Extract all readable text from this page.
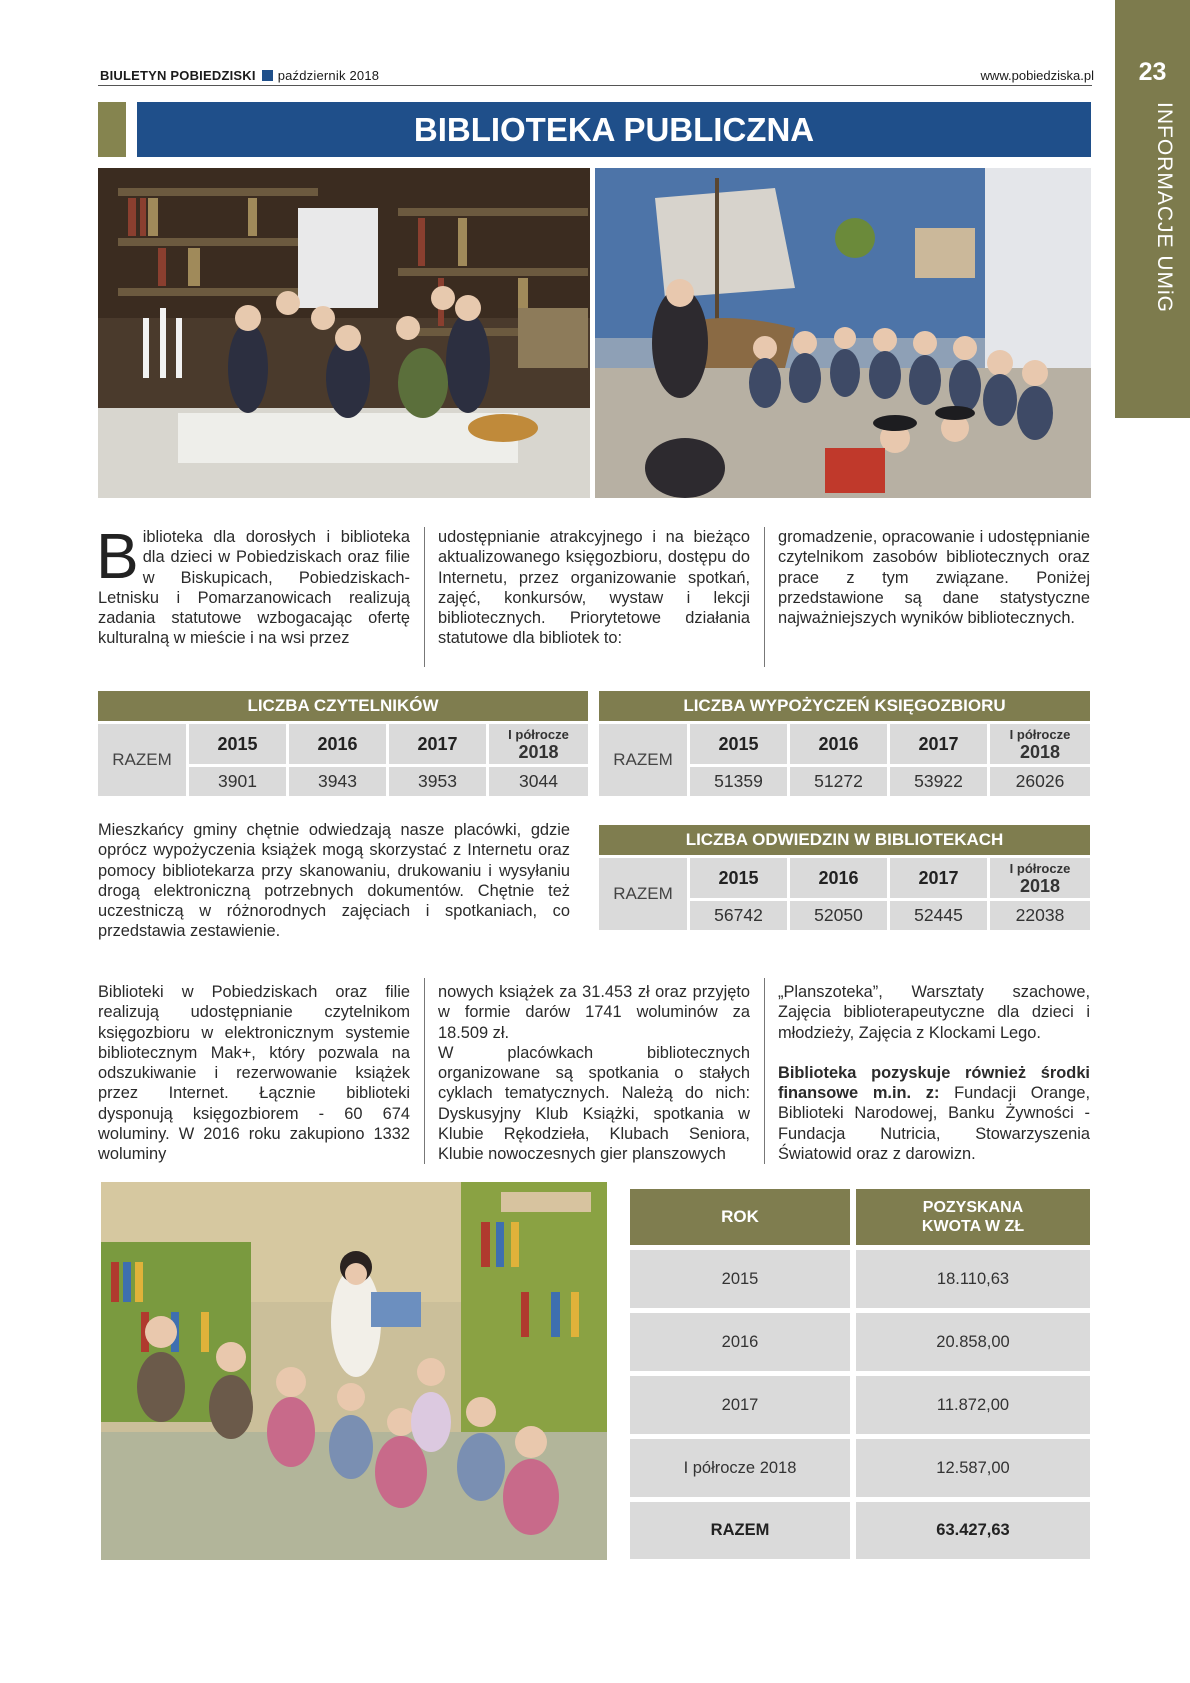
BIULETYN POBIEDZISKI październik 2018	www.pobiedziska.pl	23
INFORMACJE UMiG
BIBLIOTEKA PUBLICZNA
Biblioteka dla dorosłych i biblioteka dla dzieci w Pobiedziskach oraz filie w Biskupicach, Pobiedziskach-Letnisku i Pomarzanowicach realizują zadania statutowe wzbogacając ofertę kulturalną w mieście i na wsi przez
udostępnianie atrakcyjnego i na bieżąco aktualizowanego księgozbioru, dostępu do Internetu, przez organizowanie spotkań, zajęć, konkursów, wystaw i lekcji bibliotecznych. Priorytetowe działania statutowe dla bibliotek to:
gromadzenie, opracowanie i udostępnianie czytelnikom zasobów bibliotecznych oraz prace z tym związane. Poniżej przedstawione są dane statystyczne najważniejszych wyników bibliotecznych.
LICZBA CZYTELNIKÓW
RAZEM
2015	2016	2017	I półrocze
2018
3901	3943	3953	3044
LICZBA WYPOŻYCZEŃ KSIĘGOZBIORU
RAZEM
2015	2016	2017	I półrocze
2018
51359	51272	53922	26026
Mieszkańcy gminy chętnie odwiedzają nasze placówki, gdzie oprócz wypożyczenia książek mogą skorzystać z Internetu oraz pomocy bibliotekarza przy skanowaniu, drukowaniu i wysyłaniu drogą elektroniczną potrzebnych dokumentów. Chętnie też uczestniczą w różnorodnych zajęciach i spotkaniach, co przedstawia zestawienie.
LICZBA ODWIEDZIN W BIBLIOTEKACH
RAZEM
2015	2016	2017	I półrocze
2018
56742	52050	52445	22038
Biblioteki w Pobiedziskach oraz filie realizują udostępnianie czytelnikom księgozbioru w elektronicznym systemie bibliotecznym Mak+, który pozwala na odszukiwanie i rezerwowanie książek przez Internet. Łącznie biblioteki dysponują księgozbiorem - 60 674 woluminy. W 2016 roku zakupiono 1332 woluminy

nowych książek za 31.453 zł oraz przyjęto w formie darów 1741 woluminów za 18.509 zł.

W placówkach bibliotecznych organizowane są spotkania o stałych cyklach tematycznych. Należą do nich: Dyskusyjny Klub Książki, spotkania w Klubie Rękodzieła, Klubach Seniora, Klubie nowoczesnych gier planszowych

„Planszoteka”, Warsztaty szachowe, Zajęcia biblioterapeutyczne dla dzieci i młodzieży, Zajęcia z Klockami Lego.

Biblioteka pozyskuje również środki finansowe m.in. z: Fundacji Orange, Biblioteki Narodowej, Banku Żywności - Fundacja Nutricia, Stowarzyszenia Światowid oraz z darowizn.

ROK	POZYSKANA
KWOTA W ZŁ
2015	18.110,63
2016	20.858,00
2017	11.872,00
I półrocze 2018	12.587,00
RAZEM	63.427,63
